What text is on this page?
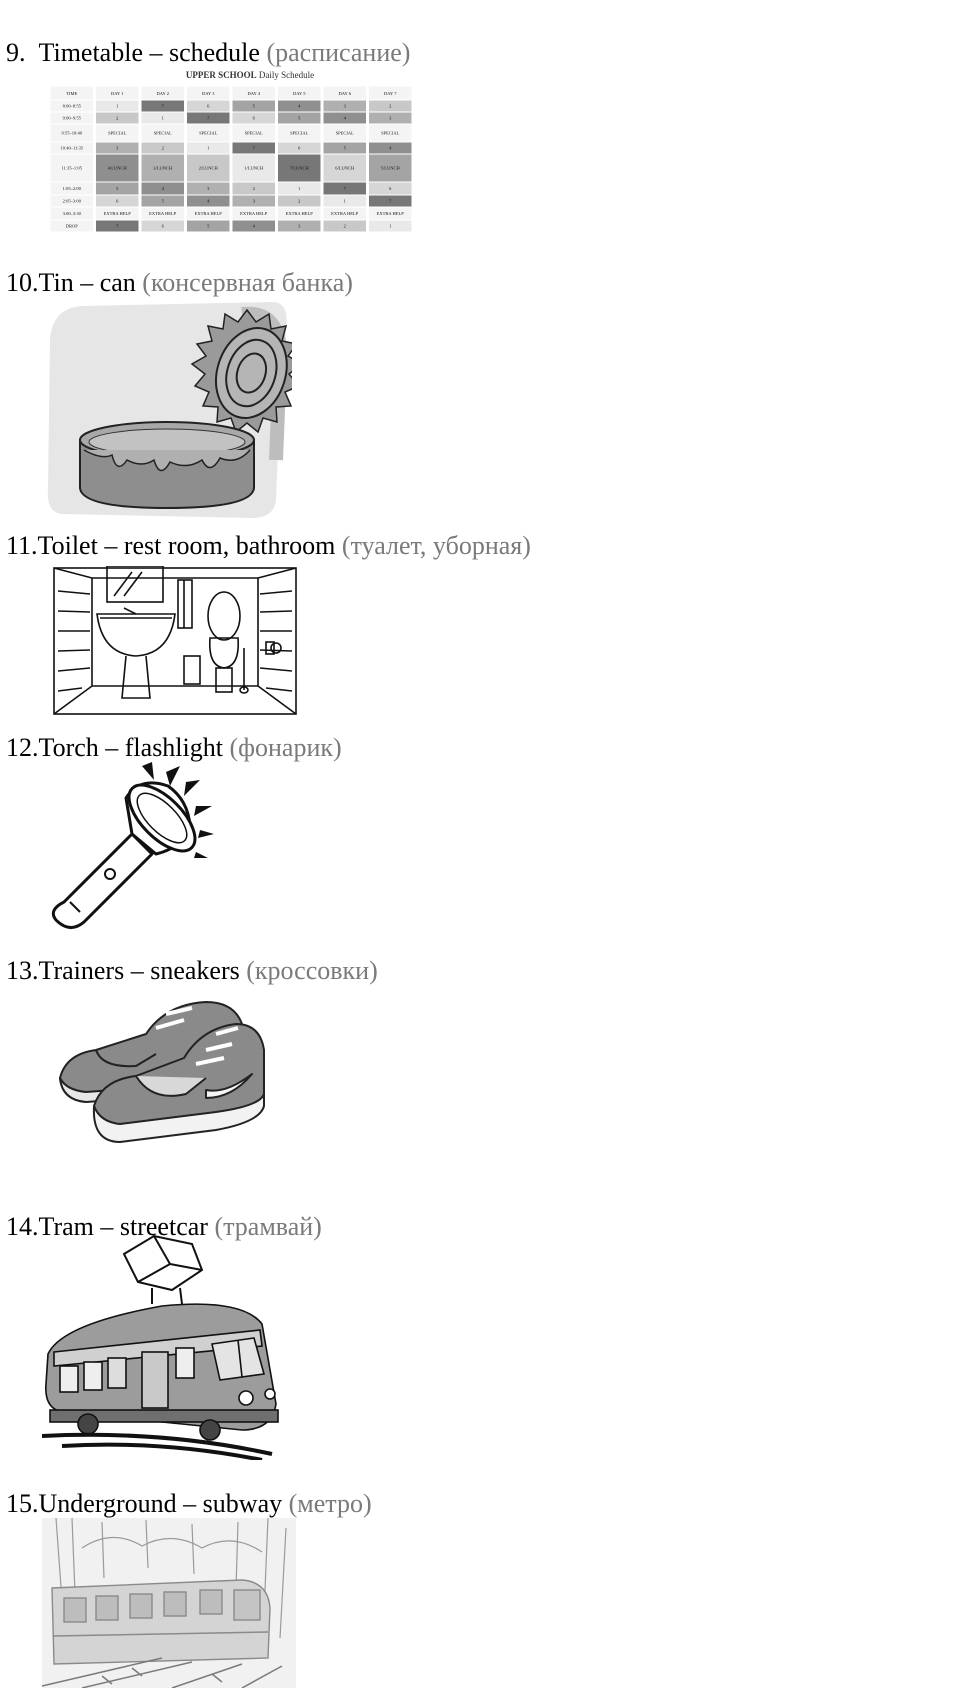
9. Timetable – schedule (расписание)
UPPER SCHOOL Daily Schedule
TIME	DAY 1	DAY 2	DAY 3	DAY 4	DAY 5	DAY 6	DAY 7
8:00–8:55	1	7	6	5	4	3	2
9:00–9:55	2	1	7	6	5	4	3
9:55–10:40	SPECIAL	SPECIAL	SPECIAL	SPECIAL	SPECIAL	SPECIAL	SPECIAL
10:40–11:35	3	2	1	7	6	5	4
11:35–1:05	4/LUNCH	3/LUNCH	2/LUNCH	1/LUNCH	7/LUNCH	6/LUNCH	5/LUNCH
1:05–2:00	5	4	3	2	1	7	6
2:05–3:00	6	5	4	3	2	1	7
3:00–3:30	EXTRA HELP	EXTRA HELP	EXTRA HELP	EXTRA HELP	EXTRA HELP	EXTRA HELP	EXTRA HELP
DROP	7	6	5	4	3	2	1
10.Tin – can (консервная банка)
11.Toilet – rest room, bathroom (туалет, уборная)
12.Torch – flashlight (фонарик)
13.Trainers – sneakers (кроссовки)
14.Tram – streetcar (трамвай)
15.Underground – subway (метро)
